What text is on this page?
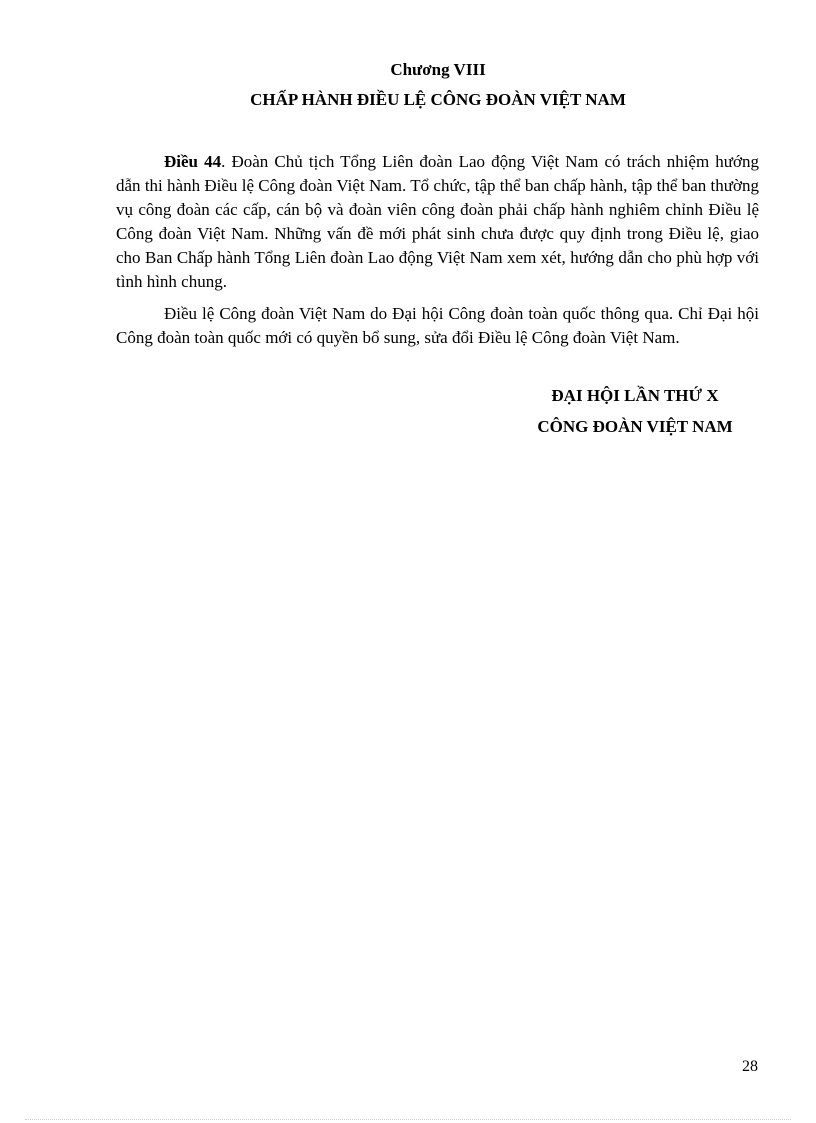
Chương VIII
CHẤP HÀNH ĐIỀU LỆ CÔNG ĐOÀN VIỆT NAM

Điều 44. Đoàn Chủ tịch Tổng Liên đoàn Lao động Việt Nam có trách nhiệm hướng dẫn thi hành Điều lệ Công đoàn Việt Nam. Tổ chức, tập thể ban chấp hành, tập thể ban thường vụ công đoàn các cấp, cán bộ và đoàn viên công đoàn phải chấp hành nghiêm chỉnh Điều lệ Công đoàn Việt Nam. Những vấn đề mới phát sinh chưa được quy định trong Điều lệ, giao cho Ban Chấp hành Tổng Liên đoàn Lao động Việt Nam xem xét, hướng dẫn cho phù hợp với tình hình chung.

Điều lệ Công đoàn Việt Nam do Đại hội Công đoàn toàn quốc thông qua. Chỉ Đại hội Công đoàn toàn quốc mới có quyền bổ sung, sửa đổi Điều lệ Công đoàn Việt Nam.

ĐẠI HỘI LẦN THỨ X
CÔNG ĐOÀN VIỆT NAM
28
